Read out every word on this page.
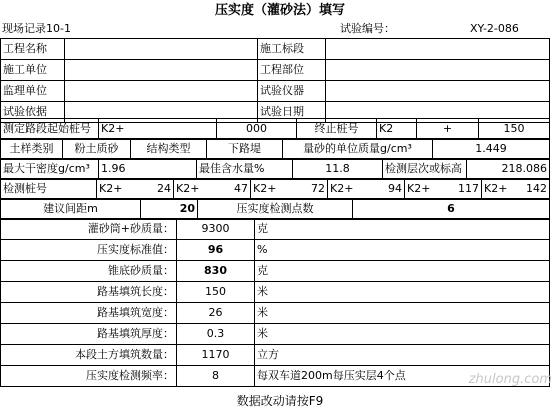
压实度（灌砂法）填写
现场记录10-1	试验编号：	XY-2-086
工程名称		施工标段	
施工单位		工程部位	
监理单位		试验仪器	
试验依据		试验日期	
测定路段起始桩号	K2+	000	终止桩号	K2	+	150
土样类别	粉土质砂	结构类型	下路堤	量砂的单位质量g/cm³	1.449
最大干密度g/cm³	1.96	最佳含水量%	11.8	检测层次或标高	218.086
检测桩号	K2+	24	K2+	47	K2+	72	K2+	94	K2+	117	K2+ 142
建议间距m	20	压实度检测点数	6
灌砂筒+砂质量：	9300	克
压实度标准值：	96	%
锥底砂质量：	830	克
路基填筑长度：	150	米
路基填筑宽度：	26	米
路基填筑厚度：	0.3	米
本段土方填筑数量：	1170	立方
压实度检测频率：	8	每双车道200m每压实层4个点
数据改动请按F9
zhulong.com
